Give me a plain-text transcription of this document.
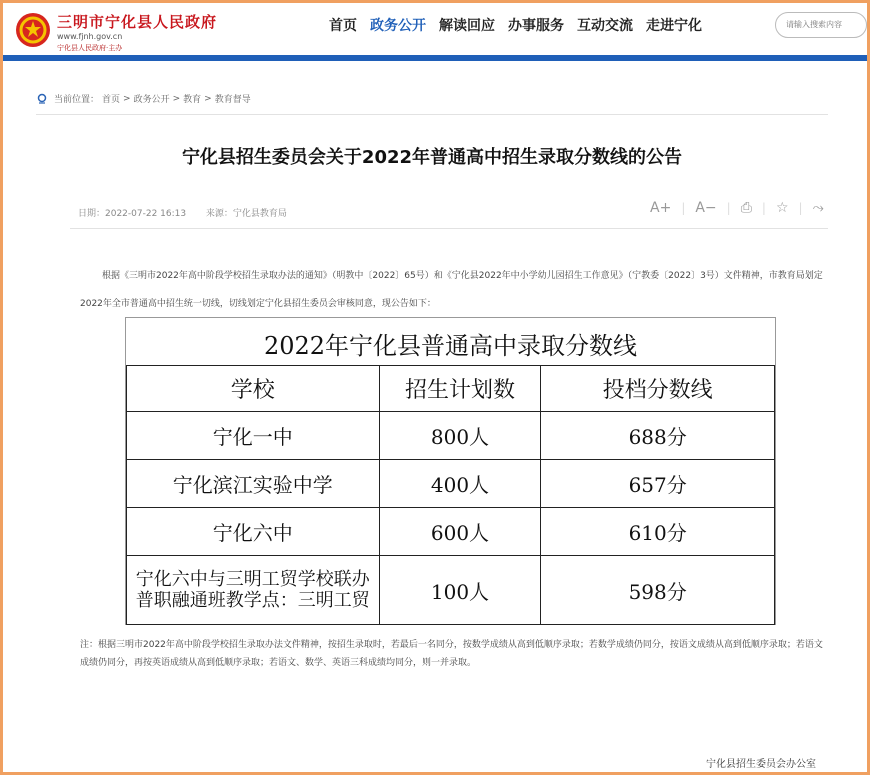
三明市宁化县人民政府
www.fjnh.gov.cn
宁化县人民政府·主办
首页 政务公开 解读回应 办事服务 互动交流 走进宁化	请输入搜索内容
当前位置： 首页 > 政务公开 > 教育 > 教育督导
宁化县招生委员会关于2022年普通高中招生录取分数线的公告
日期：2022-07-22 16:13 来源：宁化县教育局	A+ | A− | ⎙ | ☆ | ⤳
根据《三明市2022年高中阶段学校招生录取办法的通知》（明教中〔2022〕65号）和《宁化县2022年中小学幼儿园招生工作意见》（宁教委〔2022〕3号）文件精神，市教育局划定2022年全市普通高中招生统一切线，切线划定宁化县招生委员会审核同意，现公告如下：
2022年宁化县普通高中录取分数线
学校	招生计划数	投档分数线
宁化一中	800人	688分
宁化滨江实验中学	400人	657分
宁化六中	600人	610分
宁化六中与三明工贸学校联办普职融通班教学点：三明工贸	100人	598分
注：根据三明市2022年高中阶段学校招生录取办法文件精神，按招生录取时，若最后一名同分，按数学成绩从高到低顺序录取；若数学成绩仍同分，按语文成绩从高到低顺序录取；若语文成绩仍同分，再按英语成绩从高到低顺序录取；若语文、数学、英语三科成绩均同分，则一并录取。
宁化县招生委员会办公室
